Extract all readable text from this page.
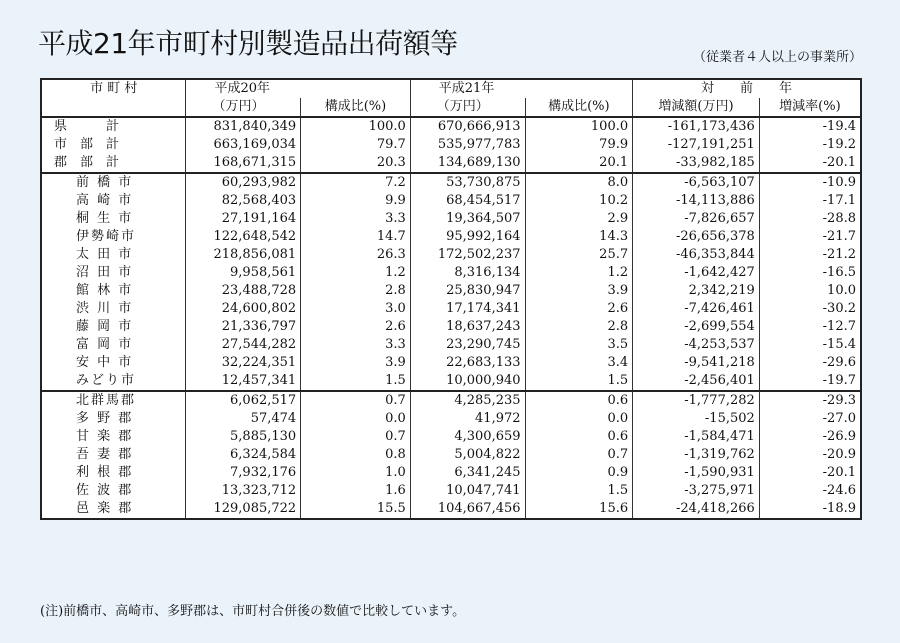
平成21年市町村別製造品出荷額等	（従業者４人以上の事業所）
市 町 村	平成20年		平成21年		対　　前　　年	
	（万円）	構成比(%)	（万円）	構成比(%)	増減額(万円)	増減率(%)
県　　　計	831,840,349	100.0	670,666,913	100.0	-161,173,436	-19.4
市　部　計	663,169,034	79.7	535,977,783	79.9	-127,191,251	-19.2
郡　部　計	168,671,315	20.3	134,689,130	20.1	-33,982,185	-20.1
前 橋 市	60,293,982	7.2	53,730,875	8.0	-6,563,107	-10.9
高 崎 市	82,568,403	9.9	68,454,517	10.2	-14,113,886	-17.1
桐 生 市	27,191,164	3.3	19,364,507	2.9	-7,826,657	-28.8
伊勢崎市	122,648,542	14.7	95,992,164	14.3	-26,656,378	-21.7
太 田 市	218,856,081	26.3	172,502,237	25.7	-46,353,844	-21.2
沼 田 市	9,958,561	1.2	8,316,134	1.2	-1,642,427	-16.5
館 林 市	23,488,728	2.8	25,830,947	3.9	2,342,219	10.0
渋 川 市	24,600,802	3.0	17,174,341	2.6	-7,426,461	-30.2
藤 岡 市	21,336,797	2.6	18,637,243	2.8	-2,699,554	-12.7
富 岡 市	27,544,282	3.3	23,290,745	3.5	-4,253,537	-15.4
安 中 市	32,224,351	3.9	22,683,133	3.4	-9,541,218	-29.6
みどり市	12,457,341	1.5	10,000,940	1.5	-2,456,401	-19.7
北群馬郡	6,062,517	0.7	4,285,235	0.6	-1,777,282	-29.3
多 野 郡	57,474	0.0	41,972	0.0	-15,502	-27.0
甘 楽 郡	5,885,130	0.7	4,300,659	0.6	-1,584,471	-26.9
吾 妻 郡	6,324,584	0.8	5,004,822	0.7	-1,319,762	-20.9
利 根 郡	7,932,176	1.0	6,341,245	0.9	-1,590,931	-20.1
佐 波 郡	13,323,712	1.6	10,047,741	1.5	-3,275,971	-24.6
邑 楽 郡	129,085,722	15.5	104,667,456	15.6	-24,418,266	-18.9
(注)前橋市、高崎市、多野郡は、市町村合併後の数値で比較しています。
